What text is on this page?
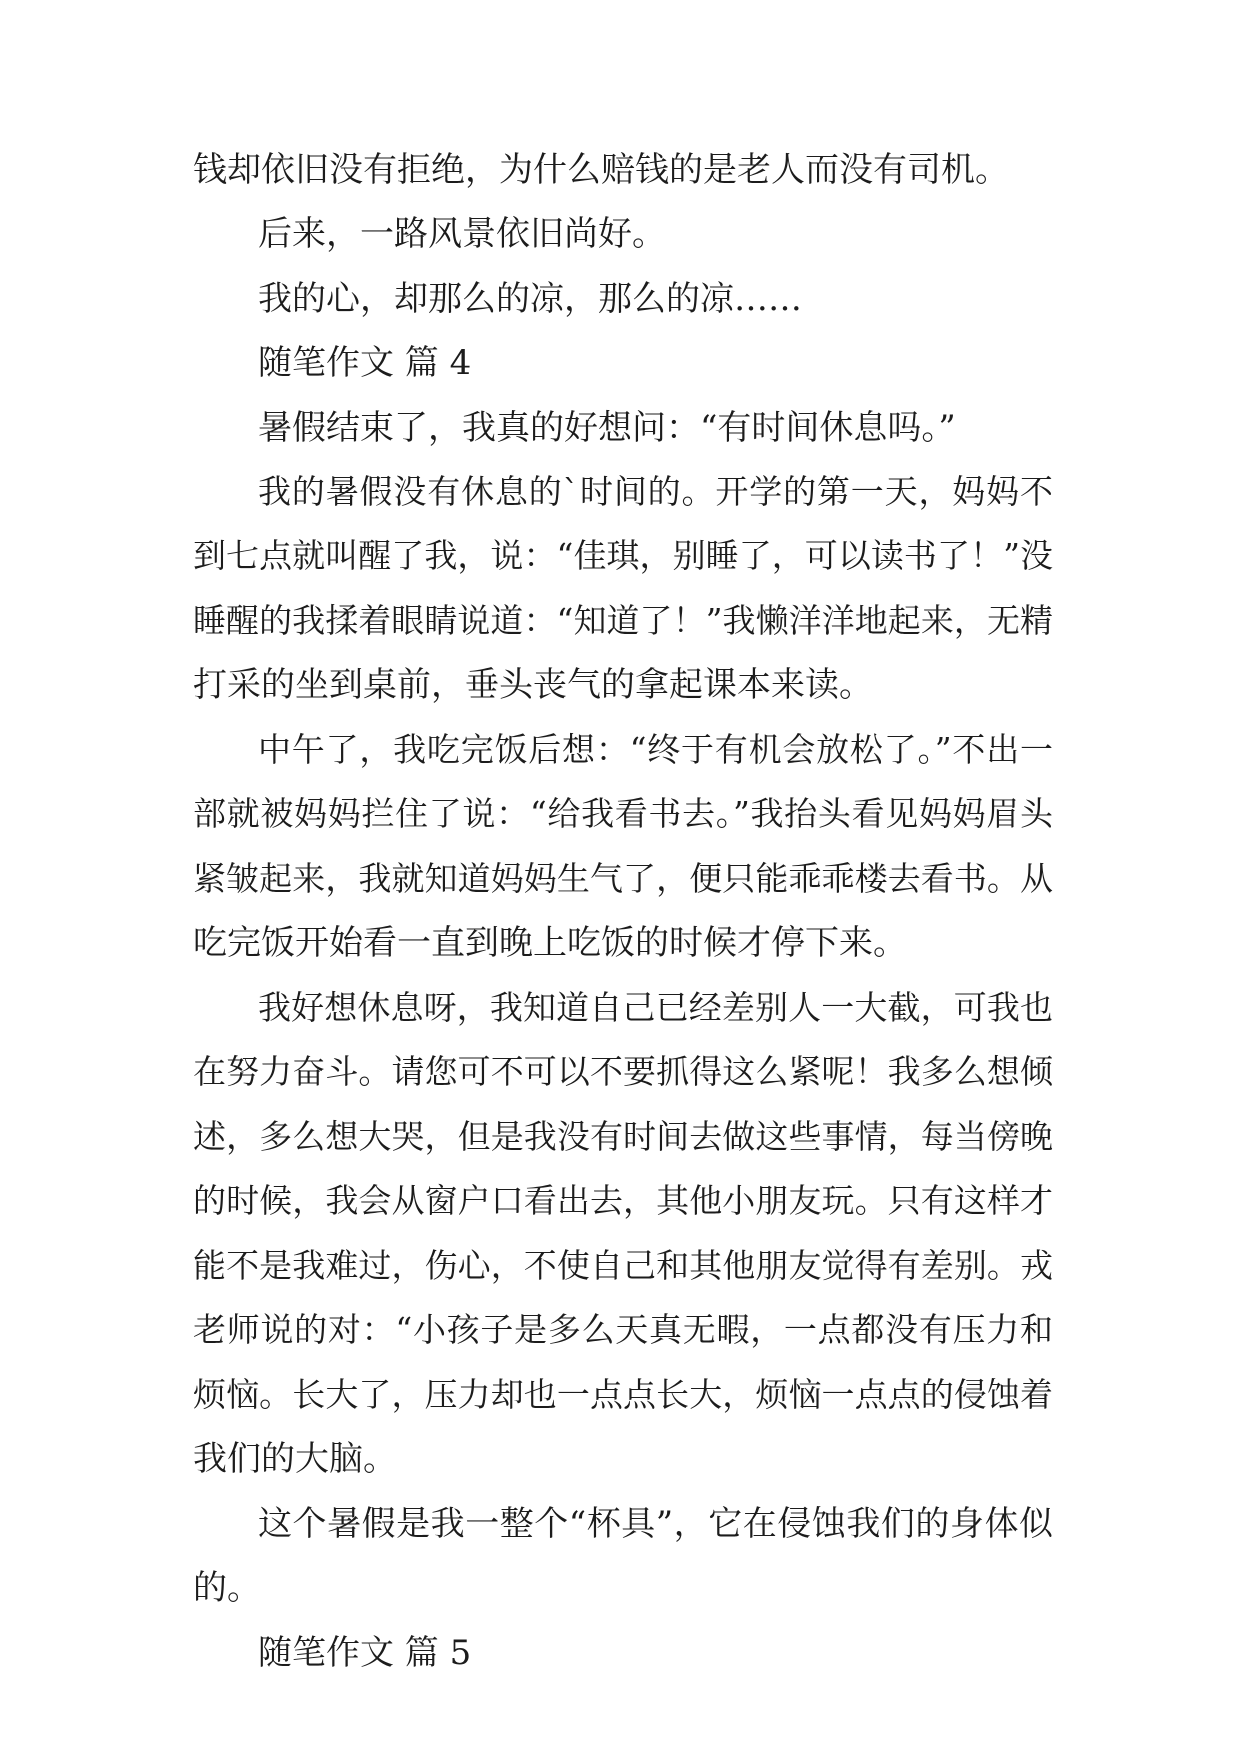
钱却依旧没有拒绝，为什么赔钱的是老人而没有司机。
后来，一路风景依旧尚好。
我的心，却那么的凉，那么的凉……
随笔作文 篇 4
暑假结束了，我真的好想问：“有时间休息吗。”
我的暑假没有休息的`时间的。开学的第一天，妈妈不
到七点就叫醒了我，说：“佳琪，别睡了，可以读书了！”没
睡醒的我揉着眼睛说道：“知道了！”我懒洋洋地起来，无精
打采的坐到桌前，垂头丧气的拿起课本来读。
中午了，我吃完饭后想：“终于有机会放松了。”不出一
部就被妈妈拦住了说：“给我看书去。”我抬头看见妈妈眉头
紧皱起来，我就知道妈妈生气了，便只能乖乖楼去看书。从
吃完饭开始看一直到晚上吃饭的时候才停下来。
我好想休息呀，我知道自己已经差别人一大截，可我也
在努力奋斗。请您可不可以不要抓得这么紧呢！我多么想倾
述，多么想大哭，但是我没有时间去做这些事情，每当傍晚
的时候，我会从窗户口看出去，其他小朋友玩。只有这样才
能不是我难过，伤心，不使自己和其他朋友觉得有差别。戎
老师说的对：“小孩子是多么天真无暇，一点都没有压力和
烦恼。长大了，压力却也一点点长大，烦恼一点点的侵蚀着
我们的大脑。
这个暑假是我一整个“杯具”，它在侵蚀我们的身体似
的。
随笔作文 篇 5
